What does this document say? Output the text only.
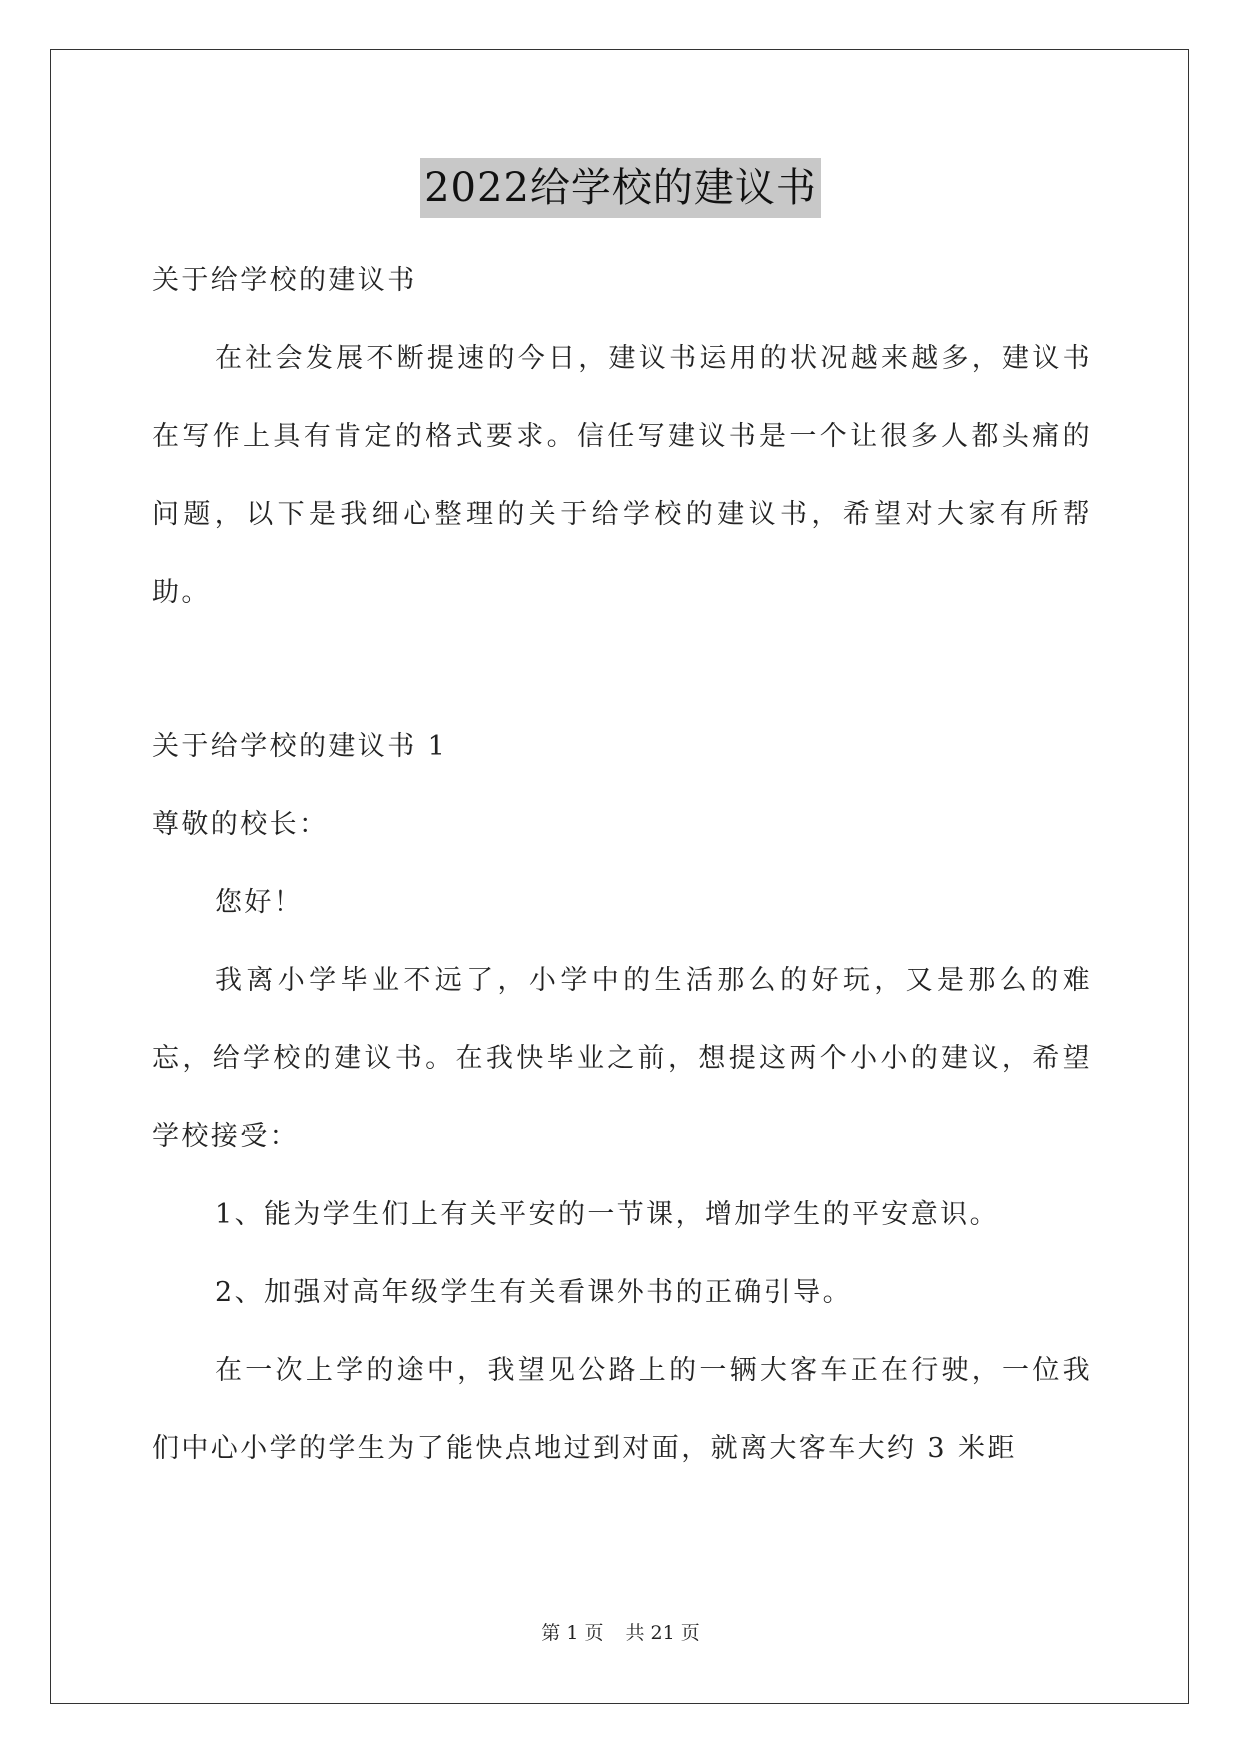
2022给学校的建议书

关于给学校的建议书

在社会发展不断提速的今日，建议书运用的状况越来越多，建议书在写作上具有肯定的格式要求。信任写建议书是一个让很多人都头痛的问题，以下是我细心整理的关于给学校的建议书，希望对大家有所帮助。

关于给学校的建议书 1

尊敬的校长：

您好！

我离小学毕业不远了，小学中的生活那么的好玩，又是那么的难忘，给学校的建议书。在我快毕业之前，想提这两个小小的建议，希望学校接受：

1、能为学生们上有关平安的一节课，增加学生的平安意识。

2、加强对高年级学生有关看课外书的正确引导。

在一次上学的途中，我望见公路上的一辆大客车正在行驶，一位我们中心小学的学生为了能快点地过到对面，就离大客车大约 3 米距

第 1 页 共 21 页
